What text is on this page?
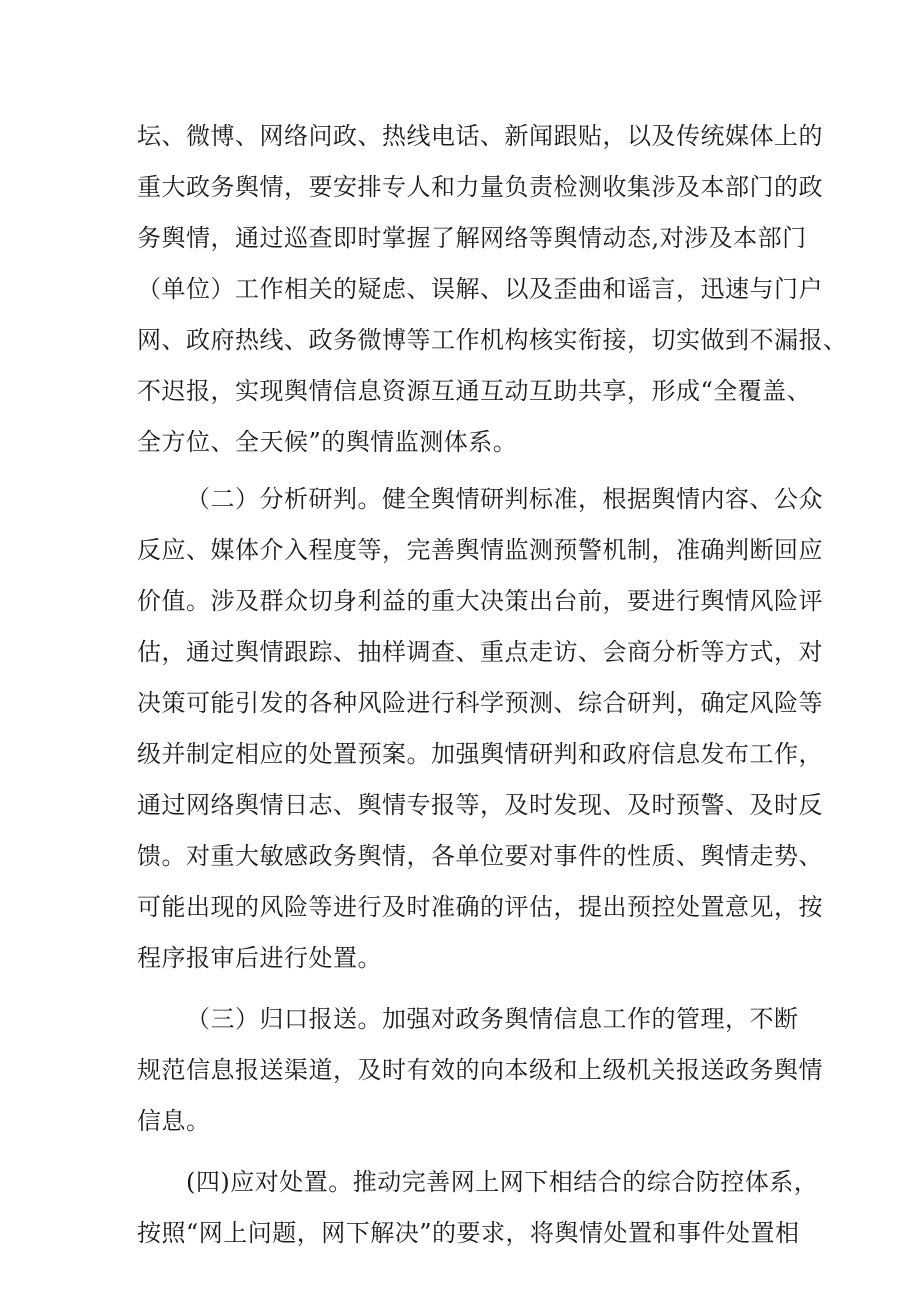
坛、微博、网络问政、热线电话、新闻跟贴，以及传统媒体上的
重大政务舆情，要安排专人和力量负责检测收集涉及本部门的政
务舆情，通过巡查即时掌握了解网络等舆情动态,对涉及本部门
（单位）工作相关的疑虑、误解、以及歪曲和谣言，迅速与门户
网、政府热线、政务微博等工作机构核实衔接，切实做到不漏报、
不迟报，实现舆情信息资源互通互动互助共享，形成“全覆盖、
全方位、全天候”的舆情监测体系。
（二）分析研判。健全舆情研判标准，根据舆情内容、公众
反应、媒体介入程度等，完善舆情监测预警机制，准确判断回应
价值。涉及群众切身利益的重大决策出台前，要进行舆情风险评
估，通过舆情跟踪、抽样调查、重点走访、会商分析等方式，对
决策可能引发的各种风险进行科学预测、综合研判，确定风险等
级并制定相应的处置预案。加强舆情研判和政府信息发布工作，
通过网络舆情日志、舆情专报等，及时发现、及时预警、及时反
馈。对重大敏感政务舆情，各单位要对事件的性质、舆情走势、
可能出现的风险等进行及时准确的评估，提出预控处置意见，按
程序报审后进行处置。
（三）归口报送。加强对政务舆情信息工作的管理，不断
规范信息报送渠道，及时有效的向本级和上级机关报送政务舆情
信息。
(四)应对处置。推动完善网上网下相结合的综合防控体系，
按照“网上问题，网下解决”的要求，将舆情处置和事件处置相
